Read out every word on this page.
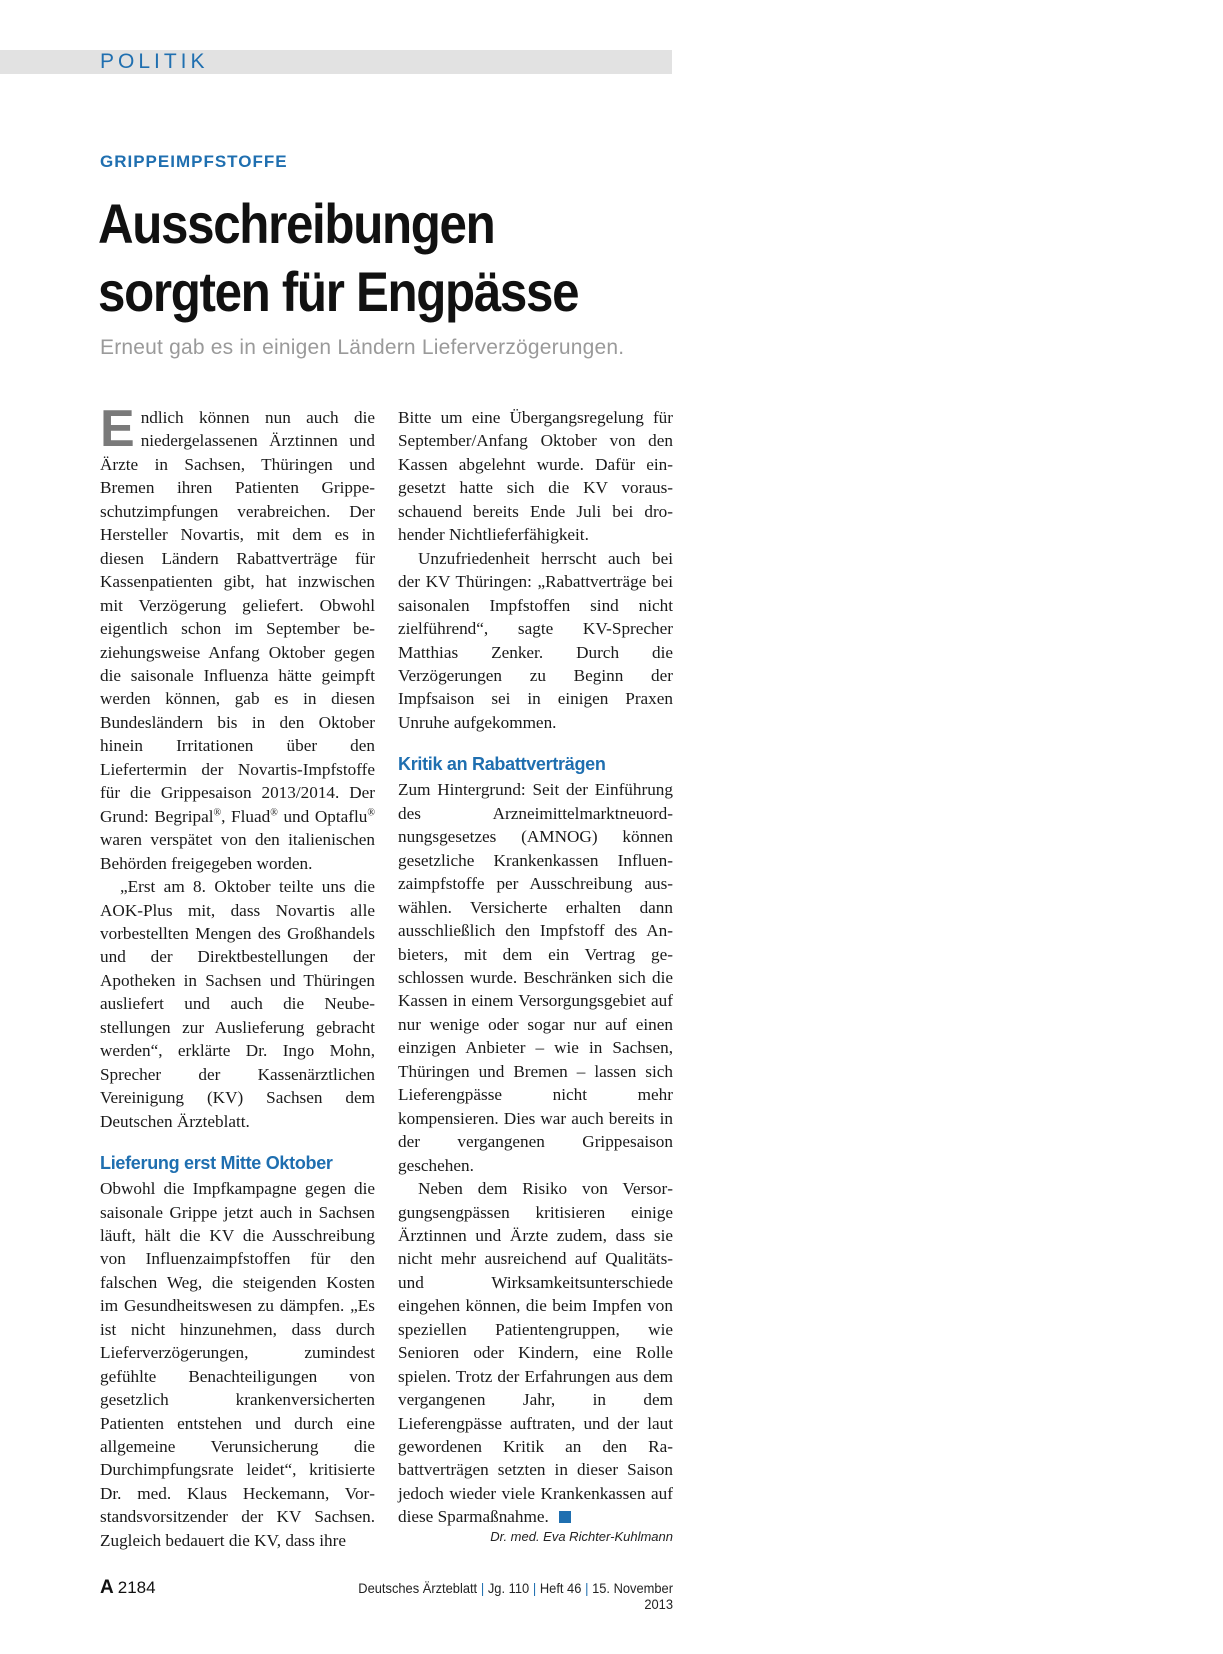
POLITIK
GRIPPEIMPFSTOFFE
Ausschreibungen
sorgten für Engpässe
Erneut gab es in einigen Ländern Lieferverzögerungen.

Endlich können nun auch die niedergelassenen Ärztinnen und Ärzte in Sachsen, Thüringen und Bremen ihren Patienten Grippeschutzimpfungen verabreichen. Der Hersteller Novartis, mit dem es in diesen Ländern Rabattverträge für Kassenpatienten gibt, hat inzwischen mit Verzögerung geliefert. Obwohl eigentlich schon im September beziehungsweise Anfang Oktober gegen die saisonale Influenza hätte geimpft werden können, gab es in diesen Bundesländern bis in den Oktober hinein Irritationen über den Liefertermin der Novartis-Impfstoffe für die Grippesaison 2013/2014. Der Grund: Begripal®, Fluad® und Optaflu® waren verspätet von den italienischen Behörden freigegeben worden.

„Erst am 8. Oktober teilte uns die AOK-Plus mit, dass Novartis alle vorbestellten Mengen des Großhandels und der Direktbestellungen der Apotheken in Sachsen und Thüringen ausliefert und auch die Neubestellungen zur Auslieferung gebracht werden“, erklärte Dr. Ingo Mohn, Sprecher der Kassenärztlichen Vereinigung (KV) Sachsen dem Deutschen Ärzteblatt.

Lieferung erst Mitte Oktober

Obwohl die Impfkampagne gegen die saisonale Grippe jetzt auch in Sachsen läuft, hält die KV die Ausschreibung von Influenzaimpfstoffen für den falschen Weg, die steigenden Kosten im Gesundheitswesen zu dämpfen. „Es ist nicht hinzunehmen, dass durch Lieferverzögerungen, zumindest gefühlte Benachteiligungen von gesetzlich krankenversicherten Patienten entstehen und durch eine allgemeine Verunsicherung die Durchimpfungsrate leidet“, kritisierte Dr. med. Klaus Heckemann, Vorstandsvorsitzender der KV Sachsen. Zugleich bedauert die KV, dass ihre

Bitte um eine Übergangsregelung für September/Anfang Oktober von den Kassen abgelehnt wurde. Dafür eingesetzt hatte sich die KV vorausschauend bereits Ende Juli bei drohender Nichtlieferfähigkeit.

Unzufriedenheit herrscht auch bei der KV Thüringen: „Rabattverträge bei saisonalen Impfstoffen sind nicht zielführend“, sagte KV-Sprecher Matthias Zenker. Durch die Verzögerungen zu Beginn der Impfsaison sei in einigen Praxen Unruhe aufgekommen.

Kritik an Rabattverträgen

Zum Hintergrund: Seit der Einführung des Arzneimittelmarktneuordnungsgesetzes (AMNOG) können gesetzliche Krankenkassen Influenzaimpfstoffe per Ausschreibung auswählen. Versicherte erhalten dann ausschließlich den Impfstoff des Anbieters, mit dem ein Vertrag geschlossen wurde. Beschränken sich die Kassen in einem Versorgungsgebiet auf nur wenige oder sogar nur auf einen einzigen Anbieter – wie in Sachsen, Thüringen und Bremen – lassen sich Lieferengpässe nicht mehr kompensieren. Dies war auch bereits in der vergangenen Grippesaison geschehen.

Neben dem Risiko von Versorgungsengpässen kritisieren einige Ärztinnen und Ärzte zudem, dass sie nicht mehr ausreichend auf Qualitäts- und Wirksamkeitsunterschiede eingehen können, die beim Impfen von speziellen Patientengruppen, wie Senioren oder Kindern, eine Rolle spielen. Trotz der Erfahrungen aus dem vergangenen Jahr, in dem Lieferengpässe auftraten, und der laut gewordenen Kritik an den Rabattverträgen setzten in dieser Saison jedoch wieder viele Krankenkassen auf diese Sparmaßnahme.

Dr. med. Eva Richter-Kuhlmann
A 2184	Deutsches Ärzteblatt | Jg. 110 | Heft 46 | 15. November 2013
